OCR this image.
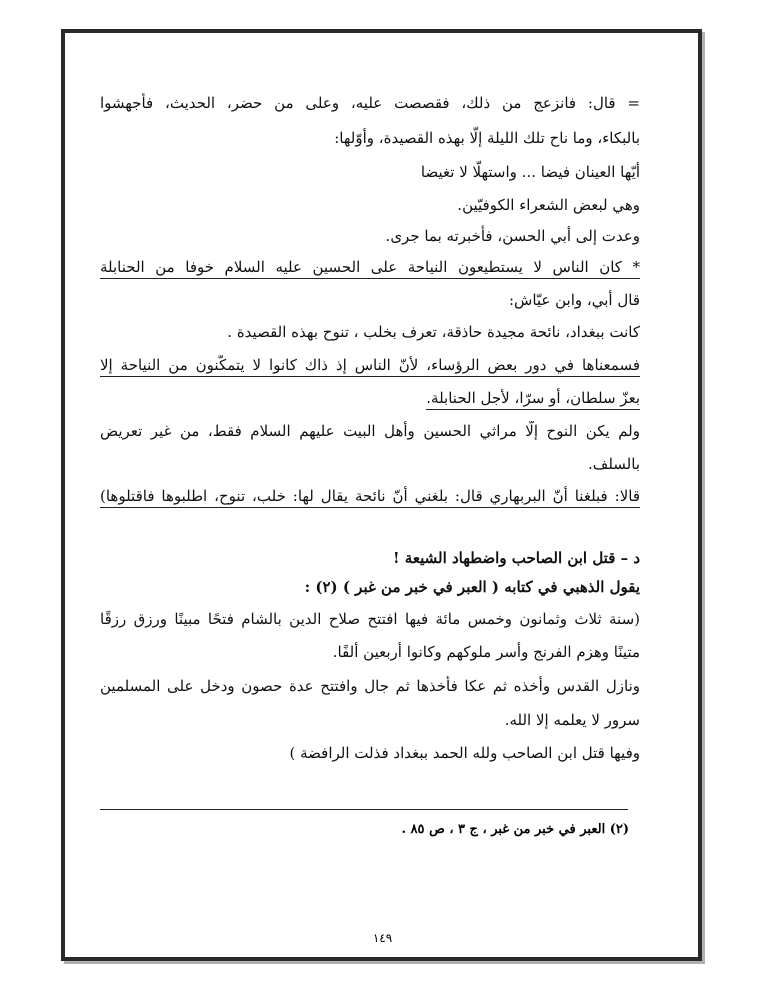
= قال: فانزعج من ذلك، فقصصت عليه، وعلى من حضر، الحديث، فأجهشوا
بالبكاء، وما ناح تلك الليلة إلّا بهذه القصيدة، وأوّلها:
أيّها العينان فيضا ... واستهلّا لا تغيضا
وهي لبعض الشعراء الكوفيّين.
وعدت إلى أبي الحسن، فأخبرته بما جرى.
* كان الناس لا يستطيعون النياحة على الحسين عليه السلام خوفا من الحنابلة
قال أبي، وابن عيّاش:
كانت ببغداد، نائحة مجيدة حاذقة، تعرف بخلب ، تنوح بهذه القصيدة .
فسمعناها في دور بعض الرؤساء، لأنّ الناس إذ ذاك كانوا لا يتمكّنون من النياحة إلا
بعزّ سلطان، أو سرّا، لأجل الحنابلة.
ولم يكن النوح إلّا مراثي الحسين وأهل البيت عليهم السلام فقط، من غير تعريض
بالسلف.
قالا: فبلغنا أنّ البربهاري قال: بلغني أنّ نائحة يقال لها: خلب، تنوح، اطلبوها فاقتلوها)
د – قتل ابن الصاحب واضطهاد الشيعة !
يقول الذهبي في كتابه ( العبر في خبر من غبر ) (٢) :
(سنة ثلاث وثمانون وخمس مائة فيها افتتح صلاح الدين بالشام فتحًا مبينًا ورزق رزقًا
متينًا وهزم الفرنج وأسر ملوكهم وكانوا أربعين ألفًا.
ونازل القدس وأخذه ثم عكا فأخذها ثم جال وافتتح عدة حصون ودخل على المسلمين
سرور لا يعلمه إلا الله.
وفيها قتل ابن الصاحب ولله الحمد ببغداد فذلت الرافضة )
(٢) العبر في خبر من غبر ، ج ٣ ، ص ٨٥ .
١٤٩
